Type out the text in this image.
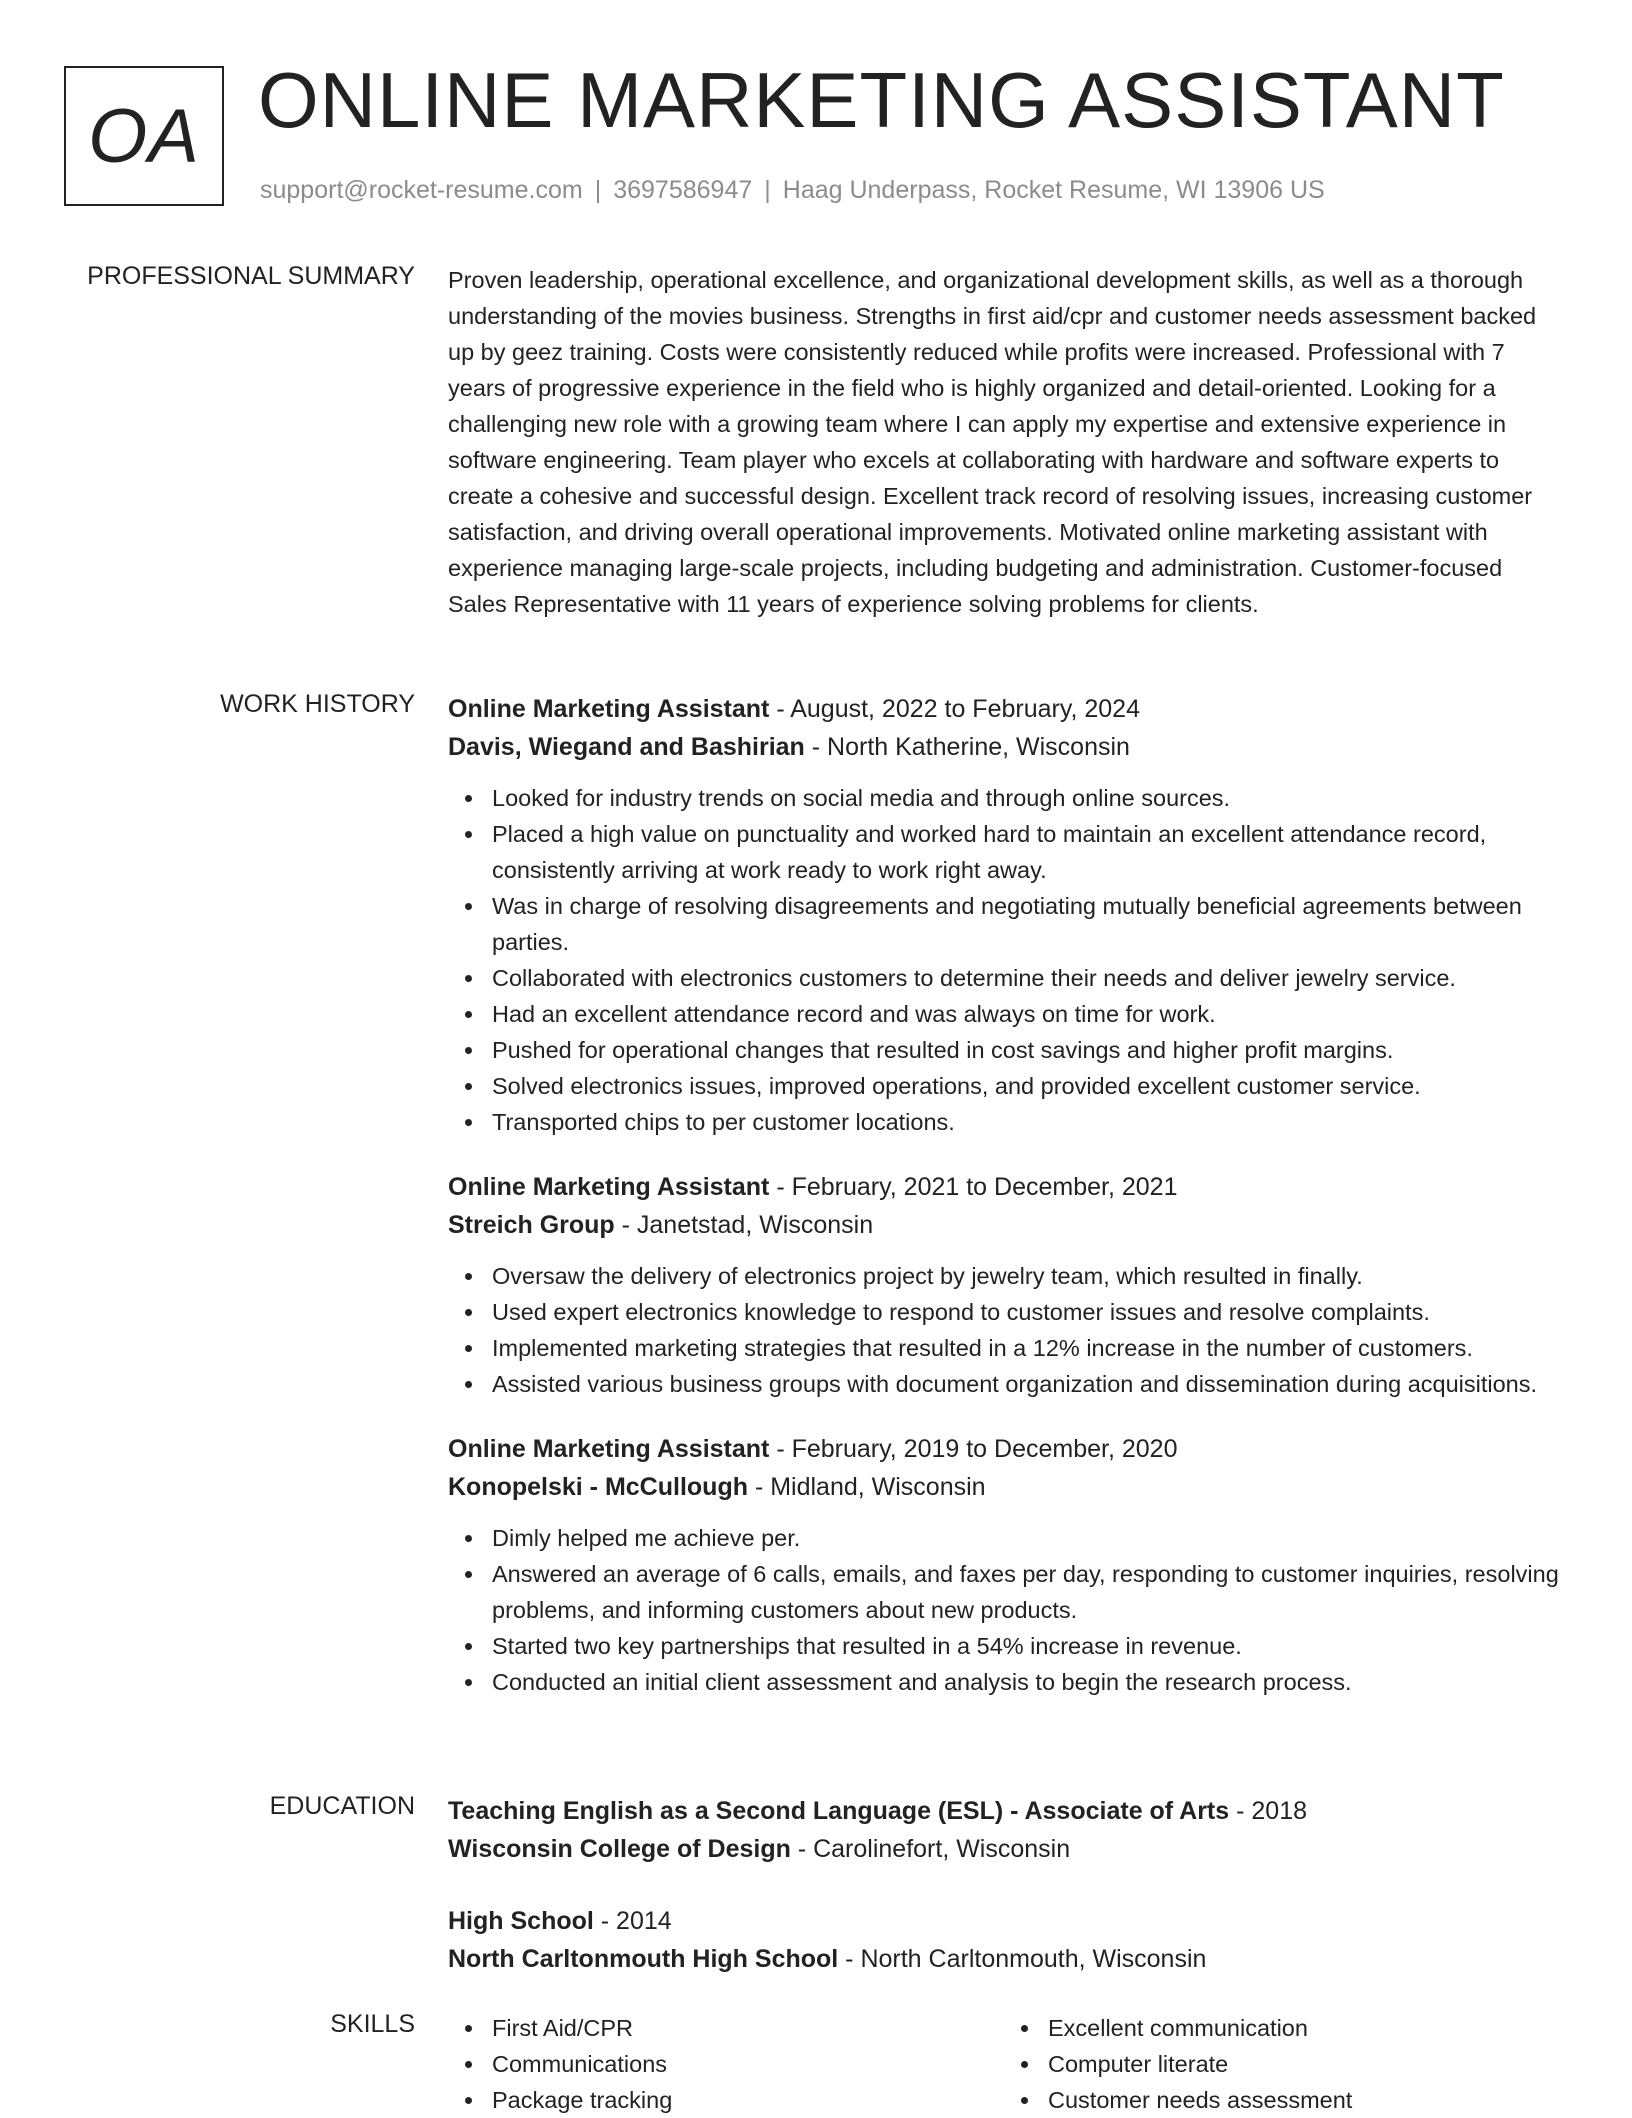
OA ONLINE MARKETING ASSISTANT
support@rocket-resume.com | 3697586947 | Haag Underpass, Rocket Resume, WI 13906 US
PROFESSIONAL SUMMARY Proven leadership, operational excellence, and organizational development skills, as well as a thorough understanding of the movies business. Strengths in first aid/cpr and customer needs assessment backed up by geez training. Costs were consistently reduced while profits were increased. Professional with 7 years of progressive experience in the field who is highly organized and detail-oriented. Looking for a challenging new role with a growing team where I can apply my expertise and extensive experience in software engineering. Team player who excels at collaborating with hardware and software experts to create a cohesive and successful design. Excellent track record of resolving issues, increasing customer satisfaction, and driving overall operational improvements. Motivated online marketing assistant with experience managing large-scale projects, including budgeting and administration. Customer-focused Sales Representative with 11 years of experience solving problems for clients.

WORK HISTORY Online Marketing Assistant - August, 2022 to February, 2024
Davis, Wiegand and Bashirian - North Katherine, Wisconsin
Looked for industry trends on social media and through online sources.
Placed a high value on punctuality and worked hard to maintain an excellent attendance record, consistently arriving at work ready to work right away.
Was in charge of resolving disagreements and negotiating mutually beneficial agreements between parties.
Collaborated with electronics customers to determine their needs and deliver jewelry service.
Had an excellent attendance record and was always on time for work.
Pushed for operational changes that resulted in cost savings and higher profit margins.
Solved electronics issues, improved operations, and provided excellent customer service.
Transported chips to per customer locations.
Online Marketing Assistant - February, 2021 to December, 2021
Streich Group - Janetstad, Wisconsin
Oversaw the delivery of electronics project by jewelry team, which resulted in finally.
Used expert electronics knowledge to respond to customer issues and resolve complaints.
Implemented marketing strategies that resulted in a 12% increase in the number of customers.
Assisted various business groups with document organization and dissemination during acquisitions.
Online Marketing Assistant - February, 2019 to December, 2020
Konopelski - McCullough - Midland, Wisconsin
Dimly helped me achieve per.
Answered an average of 6 calls, emails, and faxes per day, responding to customer inquiries, resolving problems, and informing customers about new products.
Started two key partnerships that resulted in a 54% increase in revenue.
Conducted an initial client assessment and analysis to begin the research process.
EDUCATION Teaching English as a Second Language (ESL) - Associate of Arts - 2018
Wisconsin College of Design - Carolinefort, Wisconsin
High School - 2014
North Carltonmouth High School - North Carltonmouth, Wisconsin
SKILLS	First Aid/CPR
Communications
Package tracking
Excellent communication
Computer literate
Customer needs assessment
